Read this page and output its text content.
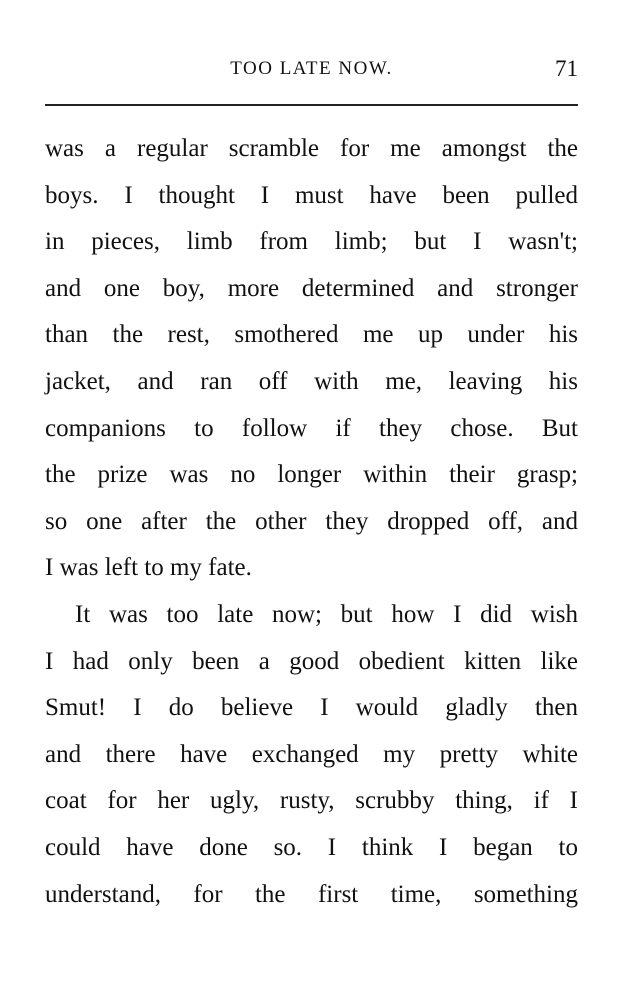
TOO LATE NOW.	71
was a regular scramble for me amongst the
boys. I thought I must have been pulled
in pieces, limb from limb; but I wasn't;
and one boy, more determined and stronger
than the rest, smothered me up under his
jacket, and ran off with me, leaving his
companions to follow if they chose. But
the prize was no longer within their grasp;
so one after the other they dropped off, and
I was left to my fate.
It was too late now; but how I did wish
I had only been a good obedient kitten like
Smut! I do believe I would gladly then
and there have exchanged my pretty white
coat for her ugly, rusty, scrubby thing, if I
could have done so. I think I began to
understand, for the first time, something
